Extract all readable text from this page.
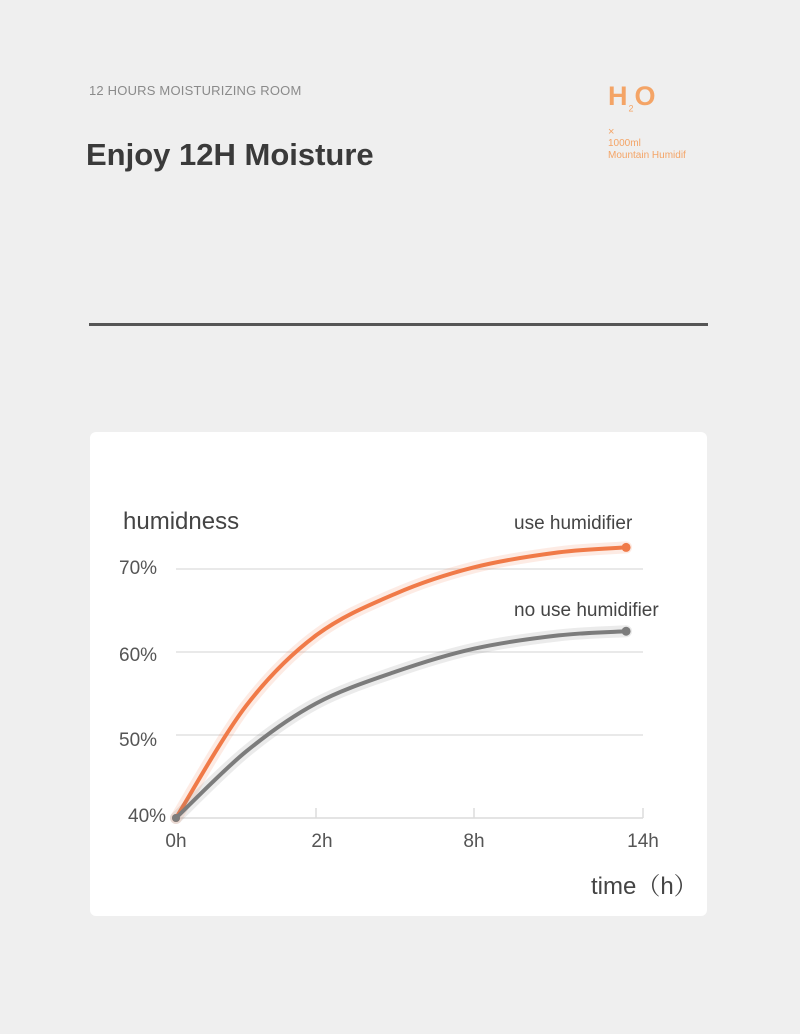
12 HOURS MOISTURIZING ROOM
Enjoy 12H Moisture
$H_2O$
×
1000ml
Mountain Humidif
humidness	use humidifier
no use humidifier
70%
60%
50%
40%
0h	2h	8h	14h
time（h）
